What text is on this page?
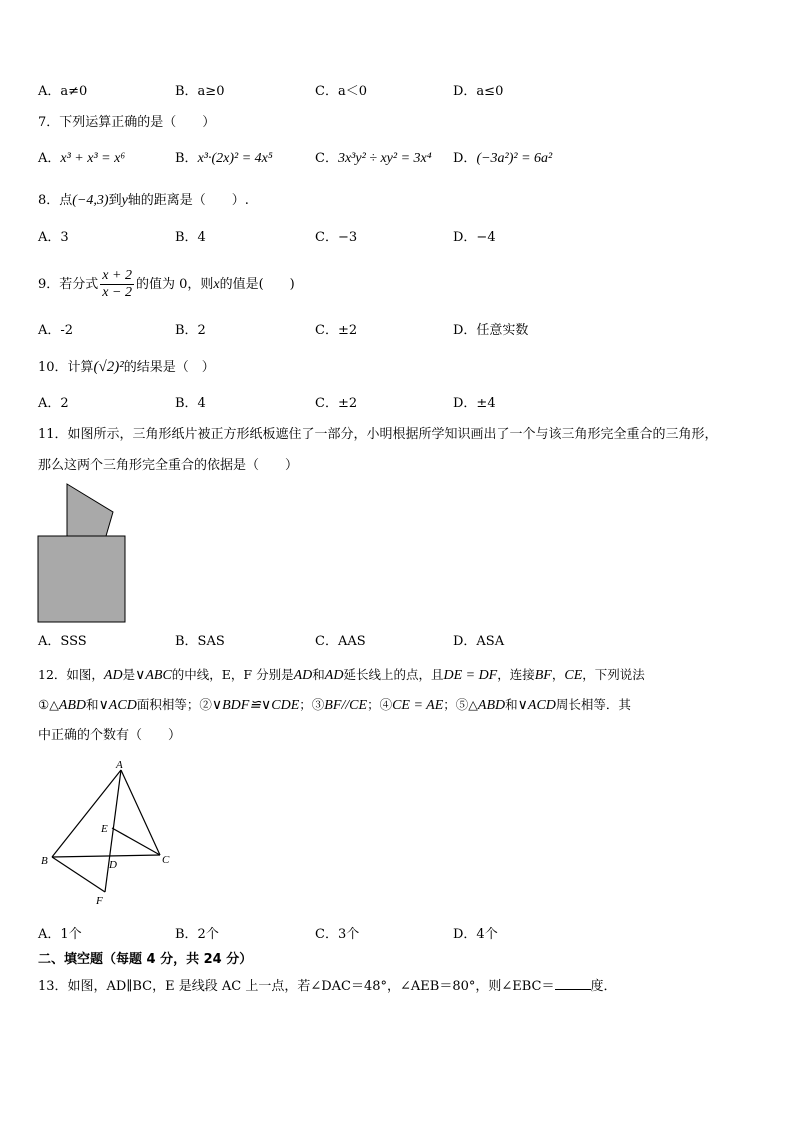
A．a≠0	B．a≥0	C．a＜0	D．a≤0
7．下列运算正确的是（　　）
A．x³ + x³ = x⁶	B．x³·(2x)² = 4x⁵	C．3x³y² ÷ xy² = 3x⁴ D．(−3a²)² = 6a²
8．点(−4,3)到y轴的距离是（　　）.
A．3	B．4	C．−3	D．−4
9．若分式 $\frac{x + 2}{x - 2}$ 的值为 0，则x的值是(　　)
A．-2	B．2	C．±2	D．任意实数
10．计算(√2)²的结果是（　）
A．2	B．4	C．±2	D．±4
11．如图所示，三角形纸片被正方形纸板遮住了一部分，小明根据所学知识画出了一个与该三角形完全重合的三角形，
那么这两个三角形完全重合的依据是（　　）
A．SSS	B．SAS	C．AAS	D．ASA
12．如图，AD是∨ABC的中线，E，F 分别是AD和AD延长线上的点，且DE = DF，连接BF，CE，下列说法
①△ABD和∨ACD面积相等；②∨BDF≌∨CDE；③BF//CE；④CE = AE；⑤△ABD和∨ACD周长相等．其
中正确的个数有（　　）
A
B	C
D
E
F
A．1个	B．2个	C．3个	D．4个
二、填空题（每题 4 分，共 24 分）
13．如图，AD∥BC，E 是线段 AC 上一点，若∠DAC＝48°，∠AEB＝80°，则∠EBC＝	度．
